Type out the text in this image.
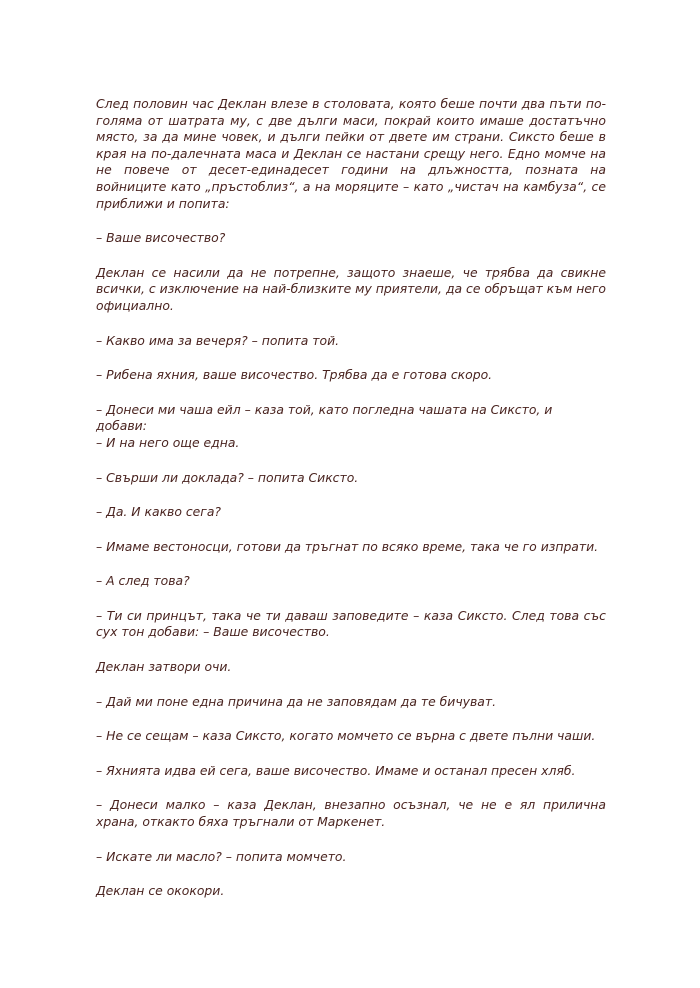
След половин час Деклан влезе в столовата, която беше почти два пъти по-голяма от шатрата му, с две дълги маси, покрай които имаше достатъчно място, за да мине човек, и дълги пейки от двете им страни. Сиксто беше в края на по-далечната маса и Деклан се настани срещу него. Едно момче на не повече от десет-единадесет години на длъжността, позната на войниците като „пръстоблиз“, а на моряците – като „чистач на камбуза“, се приближи и попита:

– Ваше височество?

Деклан се насили да не потрепне, защото знаеше, че трябва да свикне всички, с изключение на най-близките му приятели, да се обръщат към него официално.

– Какво има за вечеря? – попита той.

– Рибена яхния, ваше височество. Трябва да е готова скоро.

– Донеси ми чаша ейл – каза той, като погледна чашата на Сиксто, и добави:
– И на него още една.

– Свърши ли доклада? – попита Сиксто.

– Да. И какво сега?

– Имаме вестоносци, готови да тръгнат по всяко време, така че го изпрати.

– А след това?

– Ти си принцът, така че ти даваш заповедите – каза Сиксто. След това със сух тон добави: – Ваше височество.

Деклан затвори очи.

– Дай ми поне една причина да не заповядам да те бичуват.

– Не се сещам – каза Сиксто, когато момчето се върна с двете пълни чаши.

– Яхнията идва ей сега, ваше височество. Имаме и останал пресен хляб.

– Донеси малко – каза Деклан, внезапно осъзнал, че не е ял прилична храна, откакто бяха тръгнали от Маркенет.

– Искате ли масло? – попита момчето.

Деклан се ококори.
